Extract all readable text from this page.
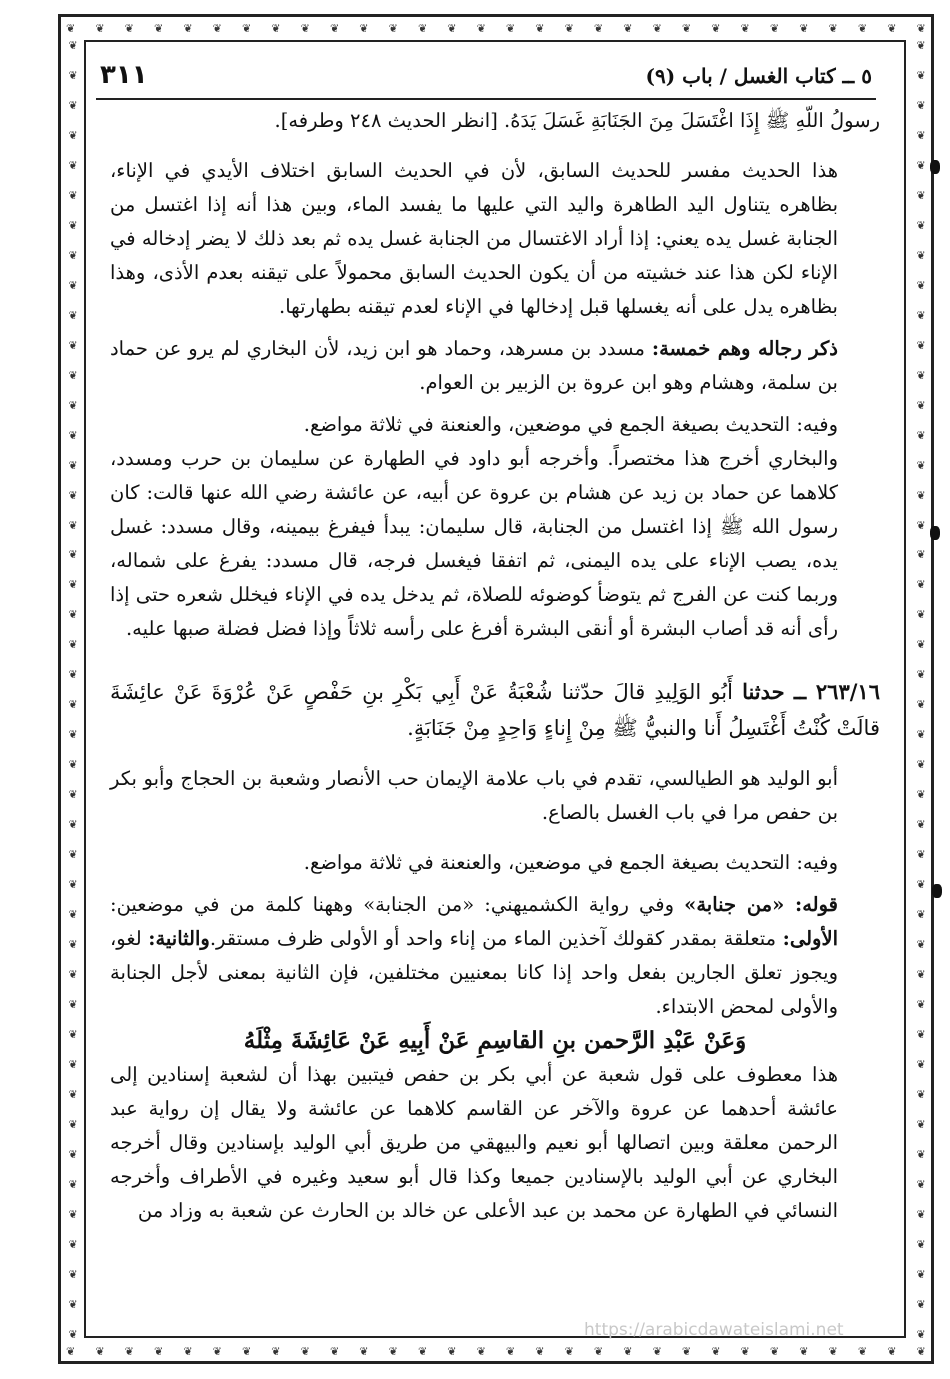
❦ ❦ ❦ ❦ ❦ ❦ ❦ ❦ ❦ ❦ ❦ ❦ ❦ ❦ ❦ ❦ ❦ ❦ ❦ ❦ ❦ ❦ ❦ ❦ ❦ ❦ ❦ ❦ ❦ ❦
❦ ❦ ❦ ❦ ❦ ❦ ❦ ❦ ❦ ❦ ❦ ❦ ❦ ❦ ❦ ❦ ❦ ❦ ❦ ❦ ❦ ❦ ❦ ❦ ❦ ❦ ❦ ❦ ❦ ❦
❦
❦
❦
❦
❦
❦
❦
❦
❦
❦
❦
❦
❦
❦
❦
❦
❦
❦
❦
❦
❦
❦
❦
❦
❦
❦
❦
❦
❦
❦
❦
❦
❦
❦
❦
❦
❦
❦
❦
❦
❦
❦
❦
❦
❦
❦
❦
❦
❦
❦
❦
❦
❦
❦
❦
❦
❦
❦
❦
❦
❦
❦
❦
❦
❦
❦
❦
❦
❦
❦
❦
❦
❦
❦
❦
❦
❦
❦
❦
❦
❦
❦
❦
❦
❦
❦
❦
❦
٣١١	٥ ــ كتاب الغسل / باب (٩)

رسولُ اللّهِ ﷺ إِذَا اغْتَسَلَ مِنَ الجَنَابَةِ غَسَلَ يَدَهُ. [انظر الحديث ٢٤٨ وطرفه].

هذا الحديث مفسر للحديث السابق، لأن في الحديث السابق اختلاف الأيدي في الإناء، بظاهره يتناول اليد الطاهرة واليد التي عليها ما يفسد الماء، وبين هذا أنه إذا اغتسل من الجنابة غسل يده يعني: إذا أراد الاغتسال من الجنابة غسل يده ثم بعد ذلك لا يضر إدخاله في الإناء لكن هذا عند خشيته من أن يكون الحديث السابق محمولاً على تيقنه بعدم الأذى، وهذا بظاهره يدل على أنه يغسلها قبل إدخالها في الإناء لعدم تيقنه بطهارتها.

ذكر رجاله وهم خمسة: مسدد بن مسرهد، وحماد هو ابن زيد، لأن البخاري لم يرو عن حماد بن سلمة، وهشام وهو ابن عروة بن الزبير بن العوام.

وفيه: التحديث بصيغة الجمع في موضعين، والعنعنة في ثلاثة مواضع.

والبخاري أخرج هذا مختصراً. وأخرجه أبو داود في الطهارة عن سليمان بن حرب ومسدد، كلاهما عن حماد بن زيد عن هشام بن عروة عن أبيه، عن عائشة رضي الله عنها قالت: كان رسول الله ﷺ إذا اغتسل من الجنابة، قال سليمان: يبدأ فيفرغ بيمينه، وقال مسدد: غسل يده، يصب الإناء على يده اليمنى، ثم اتفقا فيغسل فرجه، قال مسدد: يفرغ على شماله، وربما كنت عن الفرج ثم يتوضأ كوضوئه للصلاة، ثم يدخل يده في الإناء فيخلل شعره حتى إذا رأى أنه قد أصاب البشرة أو أنقى البشرة أفرغ على رأسه ثلاثاً وإذا فضل فضلة صبها عليه.

٢٦٣/١٦ ــ حدثنا أَبُو الوَلِيدِ قالَ حدّثنا شُعْبَةُ عَنْ أَبِي بَكْرِ بنِ حَفْصٍ عَنْ عُرْوَةَ عَنْ عائِشَةَ قالَتْ كُنْتُ أَغْتَسِلُ أَنا والنبيُّ ﷺ مِنْ إِناءٍ وَاحِدٍ مِنْ جَنَابَةٍ.

أبو الوليد هو الطيالسي، تقدم في باب علامة الإيمان حب الأنصار وشعبة بن الحجاج وأبو بكر بن حفص مرا في باب الغسل بالصاع.

وفيه: التحديث بصيغة الجمع في موضعين، والعنعنة في ثلاثة مواضع.

قوله: «من جنابة» وفي رواية الكشميهني: «من الجنابة» وههنا كلمة من في موضعين: الأولى: متعلقة بمقدر كقولك آخذين الماء من إناء واحد أو الأولى ظرف مستقر.والثانية: لغو، ويجوز تعلق الجارين بفعل واحد إذا كانا بمعنيين مختلفين، فإن الثانية بمعنى لأجل الجنابة والأولى لمحض الابتداء.

وَعَنْ عَبْدِ الرَّحمن بنِ القاسِمِ عَنْ أَبِيهِ عَنْ عَائِشَةَ مِثْلَهُ

هذا معطوف على قول شعبة عن أبي بكر بن حفص فيتبين بهذا أن لشعبة إسنادين إلى عائشة أحدهما عن عروة والآخر عن القاسم كلاهما عن عائشة ولا يقال إن رواية عبد الرحمن معلقة وبين اتصالها أبو نعيم والبيهقي من طريق أبي الوليد بإسنادين وقال أخرجه البخاري عن أبي الوليد بالإسنادين جميعا وكذا قال أبو سعيد وغيره في الأطراف وأخرجه النسائي في الطهارة عن محمد بن عبد الأعلى عن خالد بن الحارث عن شعبة به وزاد من

https://arabicdawateislami.net
